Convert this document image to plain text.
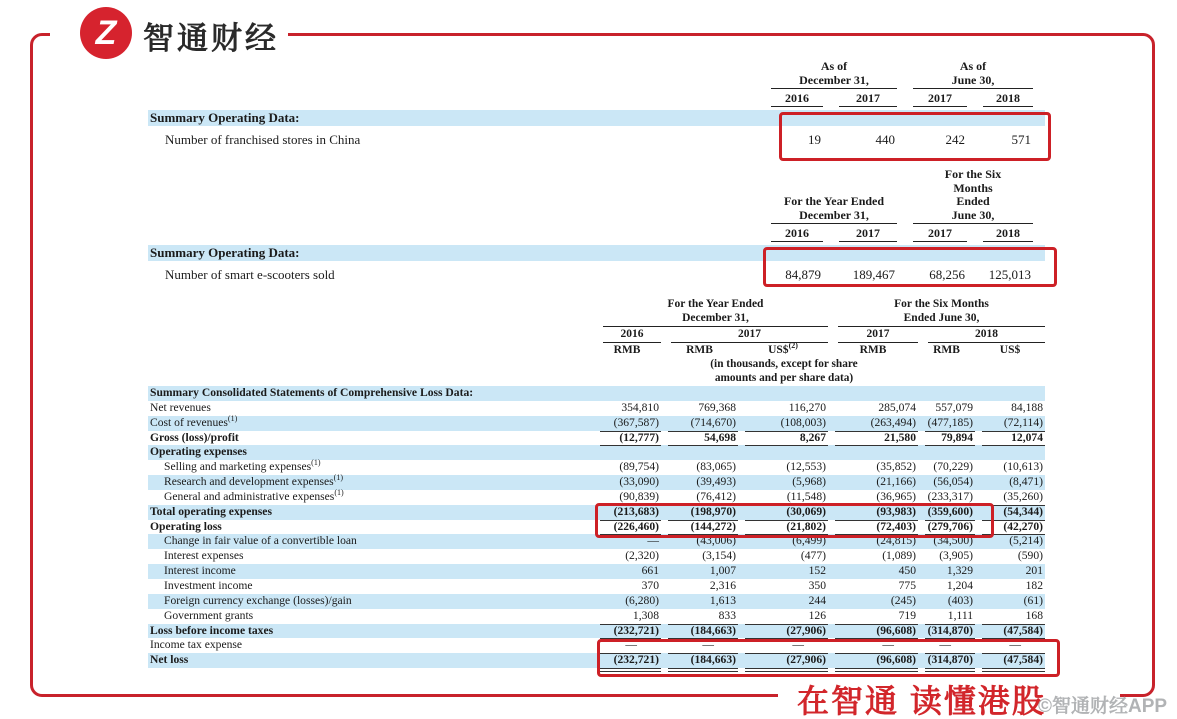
Z 智通财经
As of
December 31,
As of
June 30,
2016	2017	2017	2018
Summary Operating Data:
Number of franchised stores in China	19	440	242	571
For the Year Ended
December 31,
For the Six
Months
Ended
June 30,
2016	2017	2017	2018
Summary Operating Data:
Number of smart e-scooters sold	84,879	189,467	68,256	125,013
For the Year Ended
December 31,
For the Six Months
Ended June 30,
2016	2017	2017	2018
RMB	RMB	US\$$^{(2)}$	RMB	RMB	US$
(in thousands, except for share
amounts and per share data)
Summary Consolidated Statements of Comprehensive Loss Data:
Net revenues	354,810	769,368	116,270	285,074	557,079	84,188
Cost of revenues$^{(1)}$	(367,587)	(714,670)	(108,003)	(263,494) (477,185)	(72,114)
Gross (loss)/profit	(12,777)	54,698	8,267	21,580	79,894	12,074
Operating expenses
Selling and marketing expenses$^{(1)}$	(89,754)	(83,065)	(12,553)	(35,852)	(70,229)	(10,613)
Research and development expenses$^{(1)}$	(33,090)	(39,493)	(5,968)	(21,166)	(56,054)	(8,471)
General and administrative expenses$^{(1)}$	(90,839)	(76,412)	(11,548)	(36,965) (233,317)	(35,260)
Total operating expenses	(213,683)	(198,970)	(30,069)	(93,983) (359,600)	(54,344)
Operating loss	(226,460)	(144,272)	(21,802)	(72,403) (279,706)	(42,270)
Change in fair value of a convertible loan	—	(43,006)	(6,499)	(24,815)	(34,500)	(5,214)
Interest expenses	(2,320)	(3,154)	(477)	(1,089)	(3,905)	(590)
Interest income	661	1,007	152	450	1,329	201
Investment income	370	2,316	350	775	1,204	182
Foreign currency exchange (losses)/gain	(6,280)	1,613	244	(245)	(403)	(61)
Government grants	1,308	833	126	719	1,111	168
Loss before income taxes	(232,721)	(184,663)	(27,906)	(96,608) (314,870)	(47,584)
Income tax expense	—	—	—	—	—	—
Net loss	(232,721)	(184,663)	(27,906)	(96,608) (314,870)	(47,584)
在智通 读懂港股
©智通财经APP
